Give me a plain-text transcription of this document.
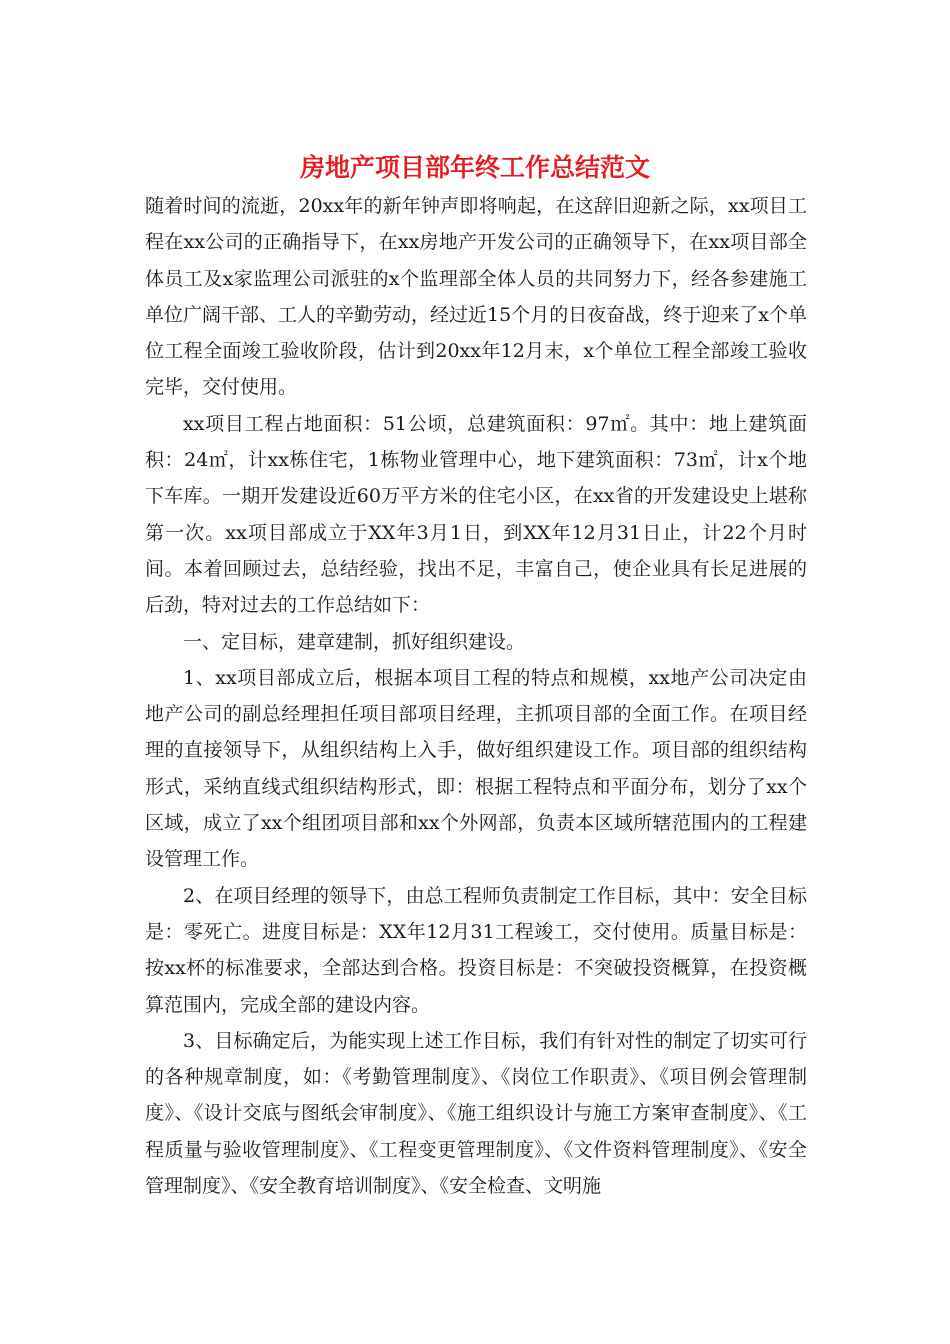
房地产项目部年终工作总结范文

随着时间的流逝，20xx年的新年钟声即将响起，在这辞旧迎新之际，xx项目工程在xx公司的正确指导下，在xx房地产开发公司的正确领导下，在xx项目部全体员工及x家监理公司派驻的x个监理部全体人员的共同努力下，经各参建施工单位广阔干部、工人的辛勤劳动，经过近15个月的日夜奋战，终于迎来了x个单位工程全面竣工验收阶段，估计到20xx年12月末，x个单位工程全部竣工验收完毕，交付使用。

xx项目工程占地面积：51公顷，总建筑面积：97㎡。其中：地上建筑面积：24㎡，计xx栋住宅，1栋物业管理中心，地下建筑面积：73㎡，计x个地下车库。一期开发建设近60万平方米的住宅小区，在xx省的开发建设史上堪称第一次。xx项目部成立于XX年3月1日，到XX年12月31日止，计22个月时间。本着回顾过去，总结经验，找出不足，丰富自己，使企业具有长足进展的后劲，特对过去的工作总结如下：

一、定目标，建章建制，抓好组织建设。

1、xx项目部成立后，根据本项目工程的特点和规模，xx地产公司决定由地产公司的副总经理担任项目部项目经理，主抓项目部的全面工作。在项目经理的直接领导下，从组织结构上入手，做好组织建设工作。项目部的组织结构形式，采纳直线式组织结构形式，即：根据工程特点和平面分布，划分了xx个区域，成立了xx个组团项目部和xx个外网部，负责本区域所辖范围内的工程建设管理工作。

2、在项目经理的领导下，由总工程师负责制定工作目标，其中：安全目标是：零死亡。进度目标是：XX年12月31工程竣工，交付使用。质量目标是：按xx杯的标准要求，全部达到合格。投资目标是：不突破投资概算，在投资概算范围内，完成全部的建设内容。

3、目标确定后，为能实现上述工作目标，我们有针对性的制定了切实可行的各种规章制度，如：《考勤管理制度》、《岗位工作职责》、《项目例会管理制度》、《设计交底与图纸会审制度》、《施工组织设计与施工方案审查制度》、《工程质量与验收管理制度》、《工程变更管理制度》、《文件资料管理制度》、《安全管理制度》、《安全教育培训制度》、《安全检查、文明施
